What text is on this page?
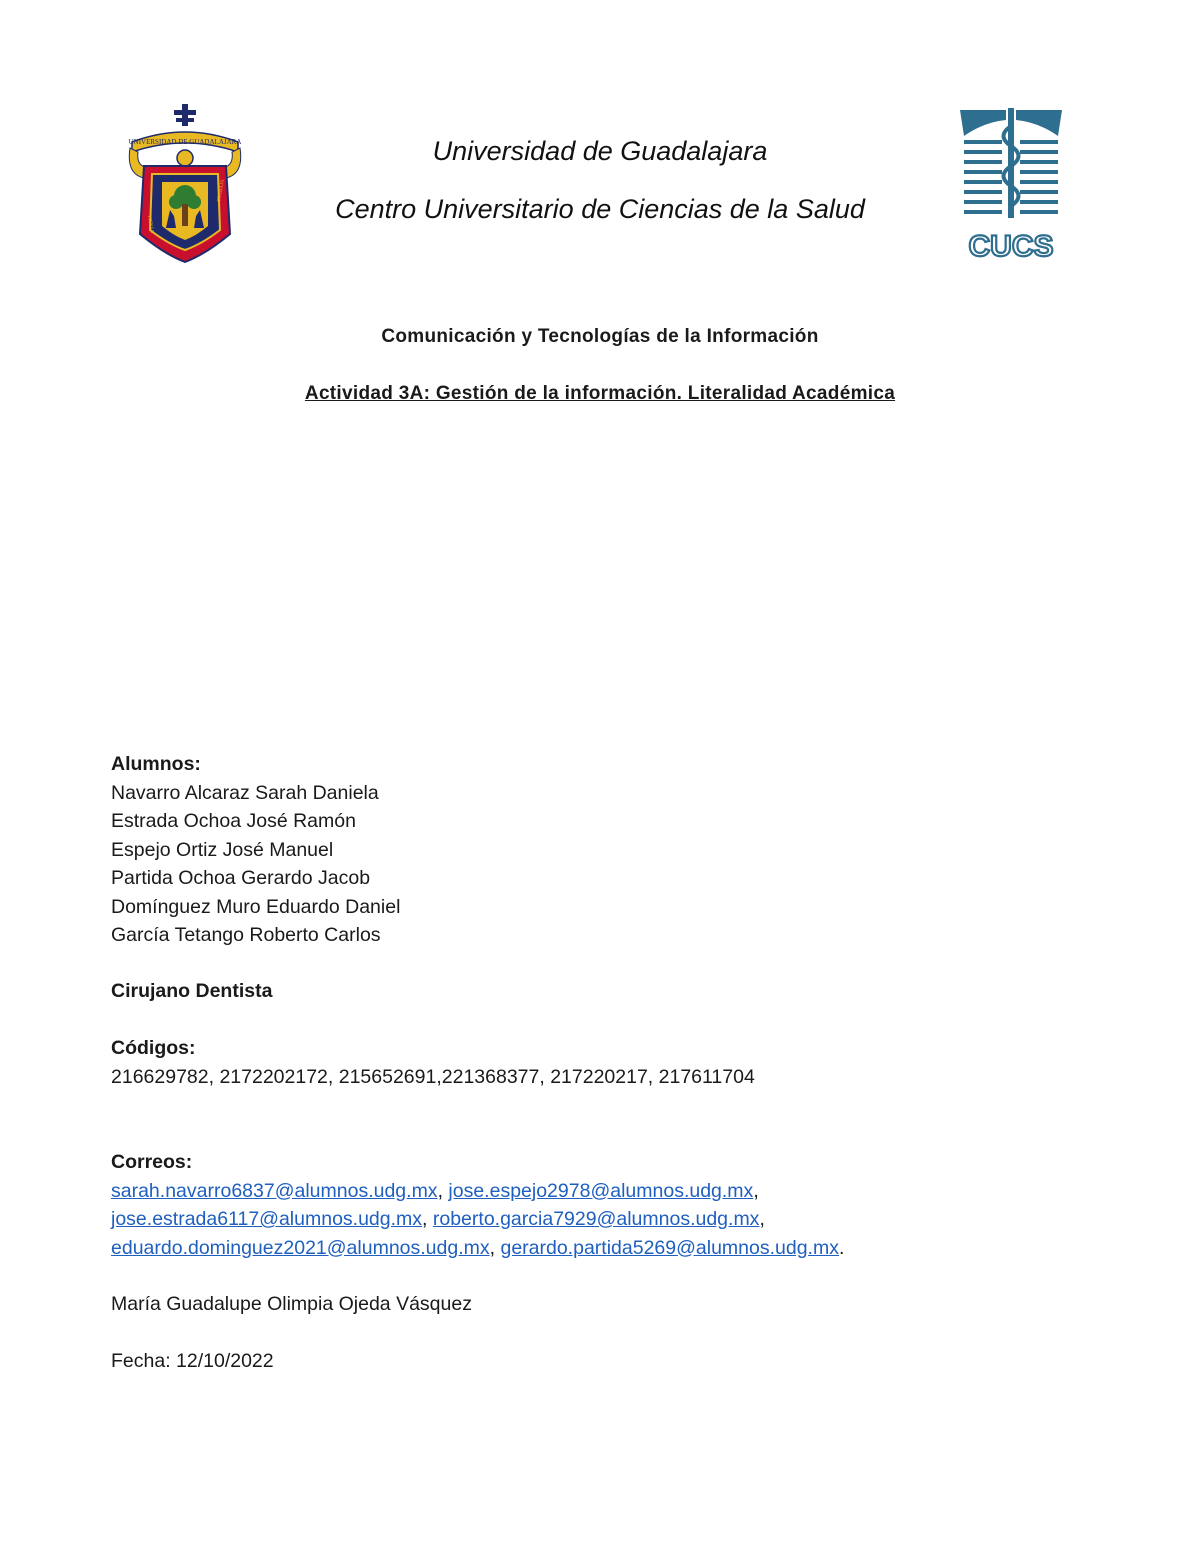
UNIVERSIDAD DE GUADALAJARA
PIENSA
TRABAJA
Universidad de Guadalajara
Centro Universitario de Ciencias de la Salud
CUCS
Comunicación y Tecnologías de la Información
Actividad 3A: Gestión de la información. Literalidad Académica
Alumnos:
Navarro Alcaraz Sarah Daniela
Estrada Ochoa José Ramón
Espejo Ortiz José Manuel
Partida Ochoa Gerardo Jacob
Domínguez Muro Eduardo Daniel
García Tetango Roberto Carlos
Cirujano Dentista
Códigos:
216629782, 2172202172, 215652691,221368377, 217220217, 217611704
Correos:
sarah.navarro6837@alumnos.udg.mx, jose.espejo2978@alumnos.udg.mx,
jose.estrada6117@alumnos.udg.mx, roberto.garcia7929@alumnos.udg.mx,
eduardo.dominguez2021@alumnos.udg.mx, gerardo.partida5269@alumnos.udg.mx.
María Guadalupe Olimpia Ojeda Vásquez
Fecha: 12/10/2022
